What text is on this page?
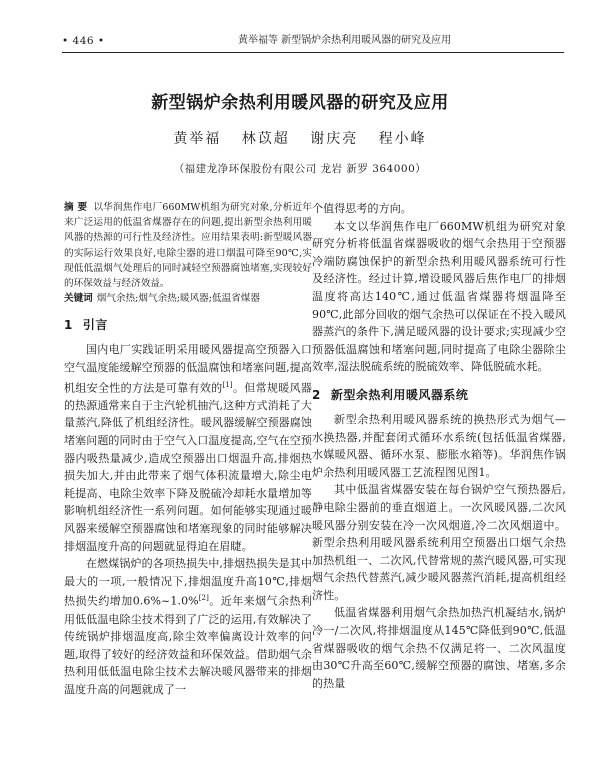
• 446 •	黄举福等 新型锅炉余热利用暖风器的研究及应用
新型锅炉余热利用暖风器的研究及应用
黄举福 林苡超 谢庆亮 程小峰
（福建龙净环保股份有限公司 龙岩 新罗 364000）

摘 要 以华润焦作电厂660MW机组为研究对象,分析近年来广泛运用的低温省煤器存在的问题,提出新型余热利用暖风器的热源的可行性及经济性。应用结果表明:新型暖风器的实际运行效果良好,电除尘器的进口烟温可降至90℃,实现低低温烟气处理后的同时减轻空预器腐蚀堵塞,实现较好的环保效益与经济效益。

关键词 烟气余热;烟气余热;暖风器;低温省煤器

1 引言

国内电厂实践证明采用暖风器提高空预器入口空气温度能缓解空预器的低温腐蚀和堵塞问题,提高机组安全性的方法是可靠有效的[1]。但常规暖风器的热源通常来自于主汽轮机抽汽,这种方式消耗了大量蒸汽,降低了机组经济性。暖风器缓解空预器腐蚀堵塞问题的同时由于空气入口温度提高,空气在空预器内吸热量减少,造成空预器出口烟温升高,排烟热损失加大,并由此带来了烟气体积流量增大,除尘电耗提高、电除尘效率下降及脱硫冷却耗水量增加等影响机组经济性一系列问题。如何能够实现通过暖风器来缓解空预器腐蚀和堵塞现象的同时能够解决排烟温度升高的问题就显得迫在眉睫。

在燃煤锅炉的各项热损失中,排烟热损失是其中最大的一项,一般情况下,排烟温度升高10℃,排烟热损失约增加0.6%~1.0%[2]。近年来烟气余热利用低低温电除尘技术得到了广泛的运用,有效解决了传统锅炉排烟温度高,除尘效率偏离设计效率的问题,取得了较好的经济效益和环保效益。借助烟气余热利用低低温电除尘技术去解决暖风器带来的排烟温度升高的问题就成了一

个值得思考的方向。

本文以华润焦作电厂660MW机组为研究对象研究分析将低温省煤器吸收的烟气余热用于空预器冷端防腐蚀保护的新型余热利用暖风器系统可行性及经济性。经过计算,增设暖风器后焦作电厂的排烟温度将高达140℃,通过低温省煤器将烟温降至90℃,此部分回收的烟气余热可以保证在不投入暖风器蒸汽的条件下,满足暖风器的设计要求;实现减少空预器低温腐蚀和堵塞问题,同时提高了电除尘器除尘效率,湿法脱硫系统的脱硫效率、降低脱硫水耗。

2 新型余热利用暖风器系统

新型余热利用暖风器系统的换热形式为烟气—水换热器,并配套闭式循环水系统(包括低温省煤器,水媒暖风器、循环水泵、膨胀水箱等)。华润焦作锅炉余热利用暖风器工艺流程图见图1。

其中低温省煤器安装在每台锅炉空气预热器后,静电除尘器前的垂直烟道上。一次风暖风器,二次风暖风器分别安装在冷一次风烟道,冷二次风烟道中。新型余热利用暖风器系统利用空预器出口烟气余热加热机组一、二次风,代替常规的蒸汽暖风器,可实现烟气余热代替蒸汽,减少暖风器蒸汽消耗,提高机组经济性。

低温省煤器利用烟气余热加热汽机凝结水,锅炉冷一/二次风,将排烟温度从145℃降低到90℃,低温省煤器吸收的烟气余热不仅满足将一、二次风温度由30℃升高至60℃,缓解空预器的腐蚀、堵塞,多余的热量
